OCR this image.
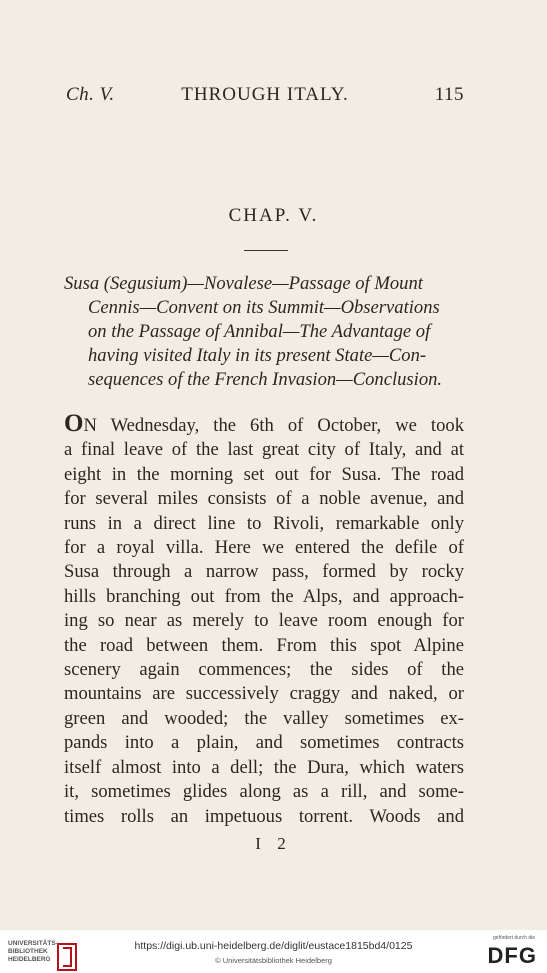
Ch. V.	THROUGH ITALY.	115
CHAP. V.
Susa (Segusium)—Novalese—Passage of Mount
Cennis—Convent on its Summit—Observations
on the Passage of Annibal—The Advantage of
having visited Italy in its present State—Con-
sequences of the French Invasion—Conclusion.
ON Wednesday, the 6th of October, we took
a final leave of the last great city of Italy, and at
eight in the morning set out for Susa. The road
for several miles consists of a noble avenue, and
runs in a direct line to Rivoli, remarkable only
for a royal villa. Here we entered the defile of
Susa through a narrow pass, formed by rocky
hills branching out from the Alps, and approach-
ing so near as merely to leave room enough for
the road between them. From this spot Alpine
scenery again commences; the sides of the
mountains are successively craggy and naked, or
green and wooded; the valley sometimes ex-
pands into a plain, and sometimes contracts
itself almost into a dell; the Dura, which waters
it, sometimes glides along as a rill, and some-
times rolls an impetuous torrent. Woods and
I 2
UNIVERSITÄTS-
BIBLIOTHEK
HEIDELBERG
https://digi.ub.uni-heidelberg.de/diglit/eustace1815bd4/0125
© Universitätsbibliothek Heidelberg
gefördert durch die
DFG
